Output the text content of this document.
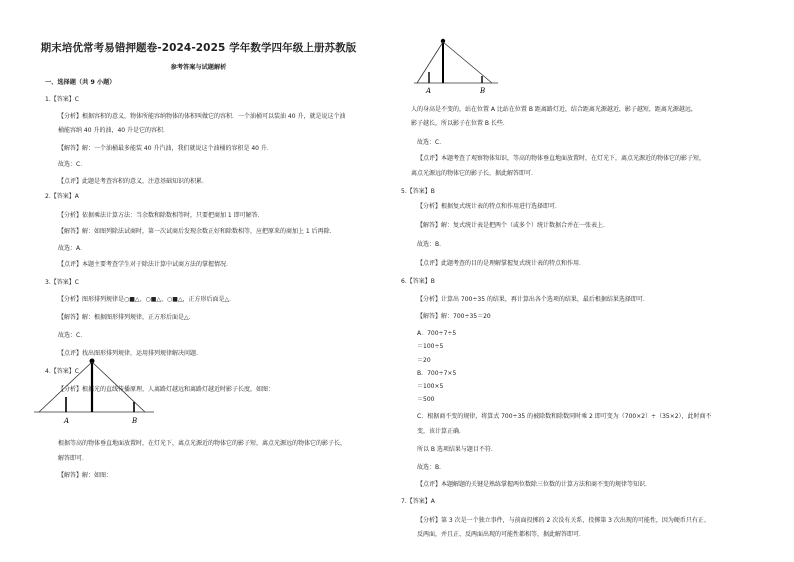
期末培优常考易错押题卷-2024-2025 学年数学四年级上册苏教版
参考答案与试题解析
一、选择题（共 9 小题）
1.【答案】C
【分析】根据容积的意义，物体所能容纳物体的体积叫做它的容积．一个油桶可以装油 40 升，就是说这个油
桶能容纳 40 升的油，40 升是它的容积．
【解答】解：一个油桶最多能装 40 升汽油，我们就说这个油桶的容积是 40 升．
故选：C．
【点评】此题是考查容积的意义，注意基础知识的积累．
2.【答案】A
【分析】依据乘法计算方法：当余数和除数相等时，只要把商加 1 即可解答．
【解答】解：如图列除法试商时，第一次试商后发现余数正好和除数相等，应把原来的商加上 1 后再除．
故选：A．
【点评】本题主要考查学生对于除法计算中试商方法的掌握情况．
3.【答案】C
【分析】图形排列规律是○■△、○■△、○■△，正方形后面是△．
【解答】解：根据图形排列规律，正方形后面是△．
故选：C．
【点评】找出图形排列规律，运用排列规律解决问题．
4.【答案】C
【分析】根据光的直线传播原理，人离路灯越远和离路灯越近时影子长度，如图：
根据等高的物体垂直地面放置时，在灯光下，离点光源近的物体它的影子短，离点光源远的物体它的影子长，
解答即可．
【解答】解：如图：
人的身高是不变的，站在位置 A 比站在位置 B 距离路灯近，结合距离光源越近，影子越短，距离光源越远，
影子越长，所以影子在位置 B 长些．
故选：C．
【点评】本题考查了观察物体知识，等高的物体垂直地面放置时，在灯光下，离点光源近的物体它的影子短，
离点光源远的物体它的影子长，据此解答即可．
5.【答案】B
【分析】根据复式统计表的特点和作用进行选择即可．
【解答】解：复式统计表是把两个（或多个）统计数据合并在一张表上．
故选：B．
【点评】此题考查的目的是理解掌握复式统计表的特点和作用．
6.【答案】B
【分析】计算出 700÷35 的结果，再计算出各个选项的结果，最后根据结果选择即可．
【解答】解：700÷35＝20
A．700÷7÷5
＝100÷5
＝20
B．700÷7×5
＝100×5
＝500
C．根据商不变的规律，将算式 700÷35 的被除数和除数同时乘 2 即可变为（700×2）÷（35×2），此时商不
变，该计算正确．
所以 B 选项结果与题目不符．
故选：B．
【点评】本题解题的关键是熟练掌握两位数除三位数的计算方法和商不变的规律等知识．
7.【答案】A
【分析】第 3 次是一个独立事件，与前面投掷的 2 次没有关系，投掷第 3 次出现的可能性，因为硬币只有正、
反两面，并且正、反两面出现的可能性都相等，据此解答即可．
A	B
A	B
